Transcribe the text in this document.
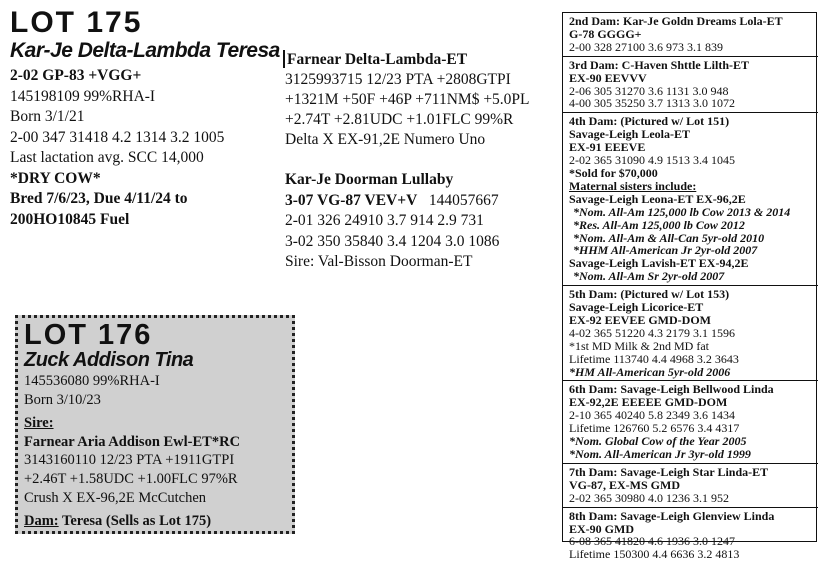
LOT 175
Kar-Je Delta-Lambda Teresa
2-02 GP-83 +VGG+
145198109 99%RHA-I
Born 3/1/21
2-00 347 31418 4.2 1314 3.2 1005
Last lactation avg. SCC 14,000
*DRY COW*
Bred 7/6/23, Due 4/11/24 to
200HO10845 Fuel
Farnear Delta-Lambda-ET
3125993715 12/23 PTA +2808GTPI
+1321M +50F +46P +711NM$ +5.0PL
+2.74T +2.81UDC +1.01FLC 99%R
Delta X EX-91,2E Numero Uno
Kar-Je Doorman Lullaby
3-07 VG-87 VEV+V 144057667
2-01 326 24910 3.7 914 2.9 731
3-02 350 35840 3.4 1204 3.0 1086
Sire: Val-Bisson Doorman-ET
LOT 176
Zuck Addison Tina
145536080 99%RHA-I
Born 3/10/23
Sire:
Farnear Aria Addison Ewl-ET*RC
3143160110 12/23 PTA +1911GTPI
+2.46T +1.58UDC +1.00FLC 97%R
Crush X EX-96,2E McCutchen
Dam: Teresa (Sells as Lot 175)
2nd Dam: Kar-Je Goldn Dreams Lola-ET
G-78 GGGG+
2-00 328 27100 3.6 973 3.1 839
3rd Dam: C-Haven Shttle Lilth-ET
EX-90 EEVVV
2-06 305 31270 3.6 1131 3.0 948
4-00 305 35250 3.7 1313 3.0 1072
4th Dam: (Pictured w/ Lot 151)
Savage-Leigh Leola-ET
EX-91 EEEVE
2-02 365 31090 4.9 1513 3.4 1045
*Sold for $70,000
Maternal sisters include:
Savage-Leigh Leona-ET EX-96,2E
*Nom. All-Am 125,000 lb Cow 2013 & 2014
*Res. All-Am 125,000 lb Cow 2012
*Nom. All-Am & All-Can 5yr-old 2010
*HHM All-American Jr 2yr-old 2007
Savage-Leigh Lavish-ET EX-94,2E
*Nom. All-Am Sr 2yr-old 2007
5th Dam: (Pictured w/ Lot 153)
Savage-Leigh Licorice-ET
EX-92 EEVEE GMD-DOM
4-02 365 51220 4.3 2179 3.1 1596
*1st MD Milk & 2nd MD fat
Lifetime 113740 4.4 4968 3.2 3643
*HM All-American 5yr-old 2006
6th Dam: Savage-Leigh Bellwood Linda
EX-92,2E EEEEE GMD-DOM
2-10 365 40240 5.8 2349 3.6 1434
Lifetime 126760 5.2 6576 3.4 4317
*Nom. Global Cow of the Year 2005
*Nom. All-American Jr 3yr-old 1999
7th Dam: Savage-Leigh Star Linda-ET
VG-87, EX-MS GMD
2-02 365 30980 4.0 1236 3.1 952
8th Dam: Savage-Leigh Glenview Linda
EX-90 GMD
6-08 365 41820 4.6 1936 3.0 1247
Lifetime 150300 4.4 6636 3.2 4813
